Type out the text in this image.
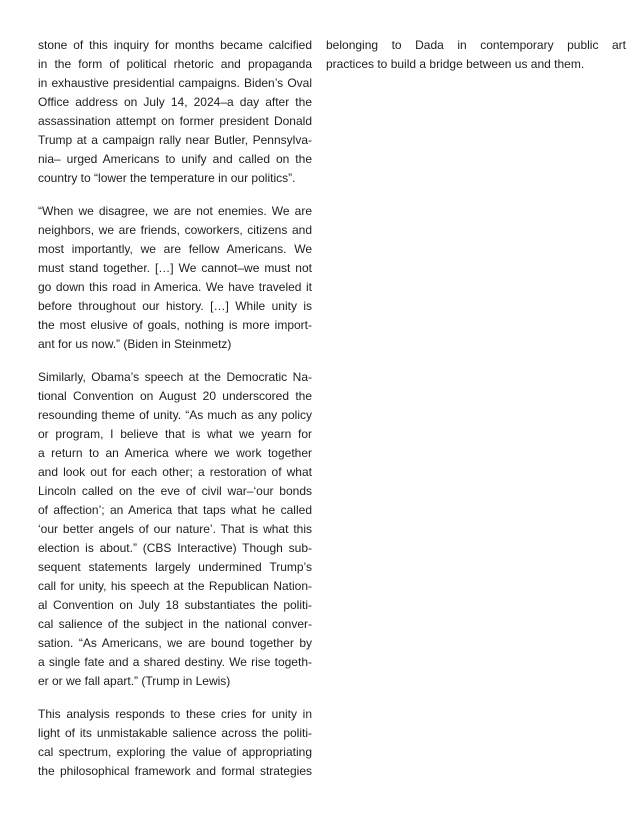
stone of this inquiry for months became calcified
in the form of political rhetoric and propaganda
in exhaustive presidential campaigns. Biden’s Oval
Office address on July 14, 2024–a day after the
assassination attempt on former president Donald
Trump at a campaign rally near Butler, Pennsylva-
nia– urged Americans to unify and called on the
country to “lower the temperature in our politics”.
“When we disagree, we are not enemies. We are
neighbors, we are friends, coworkers, citizens and
most importantly, we are fellow Americans. We
must stand together. […] We cannot–we must not
go down this road in America. We have traveled it
before throughout our history. […] While unity is
the most elusive of goals, nothing is more import-
ant for us now.” (Biden in Steinmetz)
Similarly, Obama’s speech at the Democratic Na-
tional Convention on August 20 underscored the
resounding theme of unity. “As much as any policy
or program, I believe that is what we yearn for
a return to an America where we work together
and look out for each other; a restoration of what
Lincoln called on the eve of civil war–‘our bonds
of affection’; an America that taps what he called
‘our better angels of our nature’. That is what this
election is about.” (CBS Interactive) Though sub-
sequent statements largely undermined Trump’s
call for unity, his speech at the Republican Nation-
al Convention on July 18 substantiates the politi-
cal salience of the subject in the national conver-
sation. “As Americans, we are bound together by
a single fate and a shared destiny. We rise togeth-
er or we fall apart.” (Trump in Lewis)
This analysis responds to these cries for unity in
light of its unmistakable salience across the politi-
cal spectrum, exploring the value of appropriating
the philosophical framework and formal strategies
belonging to Dada in contemporary public art
practices to build a bridge between us and them.
